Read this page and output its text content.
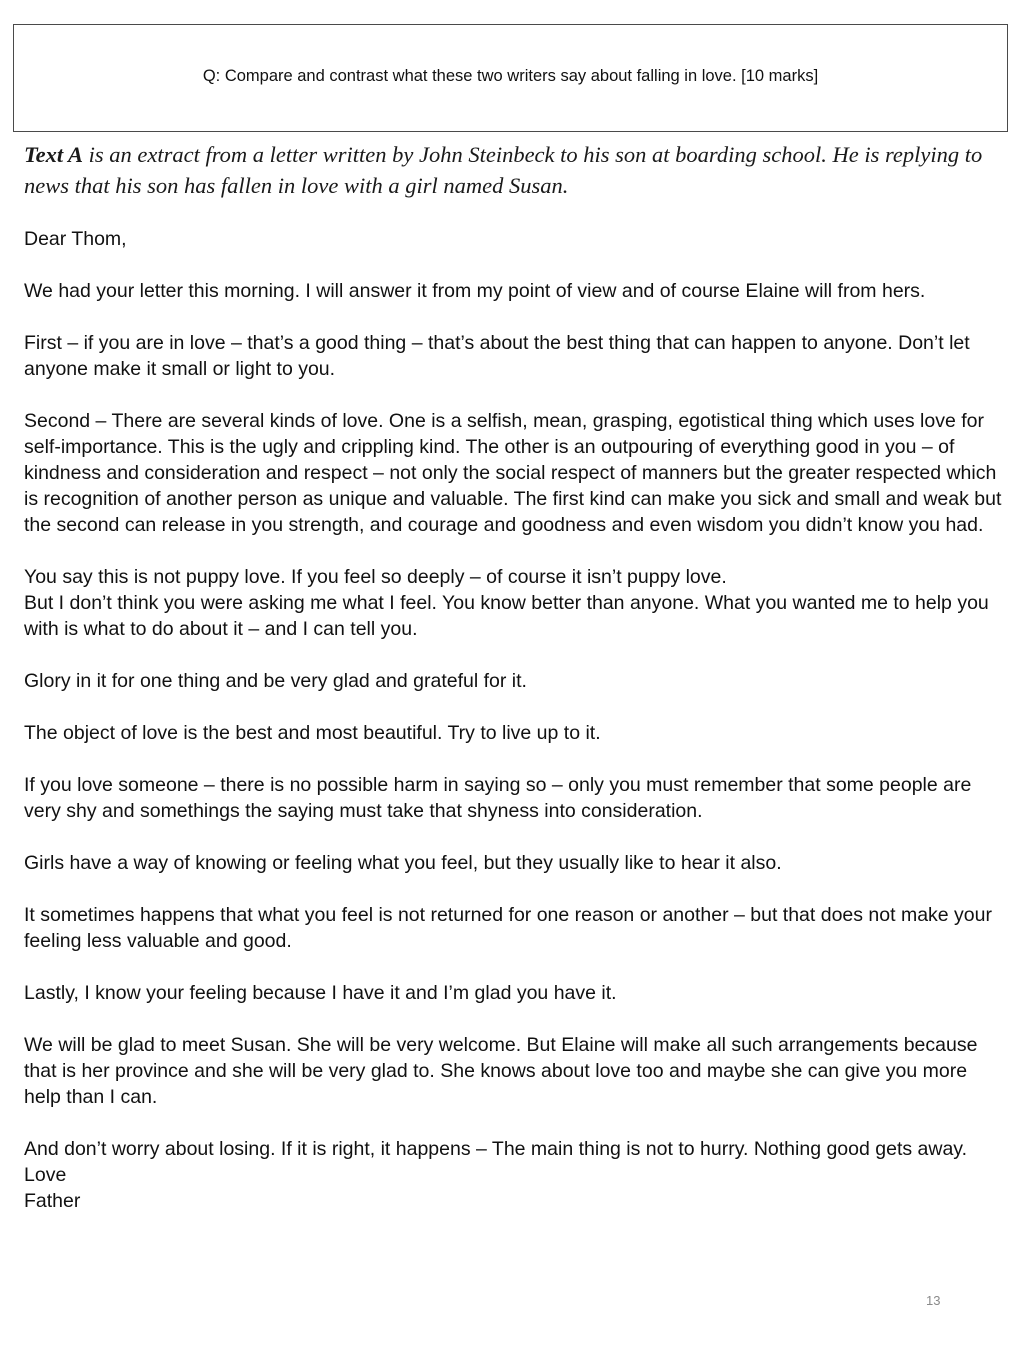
Q: Compare and contrast what these two writers say about falling in love. [10 marks]
Text A is an extract from a letter written by John Steinbeck to his son at boarding school. He is replying to news that his son has fallen in love with a girl named Susan.

Dear Thom,

We had your letter this morning. I will answer it from my point of view and of course Elaine will from hers.

First – if you are in love – that’s a good thing – that’s about the best thing that can happen to anyone. Don’t let anyone make it small or light to you.

Second – There are several kinds of love. One is a selfish, mean, grasping, egotistical thing which uses love for self-importance. This is the ugly and crippling kind. The other is an outpouring of everything good in you – of kindness and consideration and respect – not only the social respect of manners but the greater respected which is recognition of another person as unique and valuable. The first kind can make you sick and small and weak but the second can release in you strength, and courage and goodness and even wisdom you didn’t know you had.

You say this is not puppy love. If you feel so deeply – of course it isn’t puppy love.
But I don’t think you were asking me what I feel. You know better than anyone. What you wanted me to help you with is what to do about it – and I can tell you.

Glory in it for one thing and be very glad and grateful for it.

The object of love is the best and most beautiful. Try to live up to it.

If you love someone – there is no possible harm in saying so – only you must remember that some people are very shy and somethings the saying must take that shyness into consideration.

Girls have a way of knowing or feeling what you feel, but they usually like to hear it also.

It sometimes happens that what you feel is not returned for one reason or another – but that does not make your feeling less valuable and good.

Lastly, I know your feeling because I have it and I’m glad you have it.

We will be glad to meet Susan. She will be very welcome. But Elaine will make all such arrangements because that is her province and she will be very glad to. She knows about love too and maybe she can give you more help than I can.

And don’t worry about losing. If it is right, it happens – The main thing is not to hurry. Nothing good gets away.
Love
Father

13
